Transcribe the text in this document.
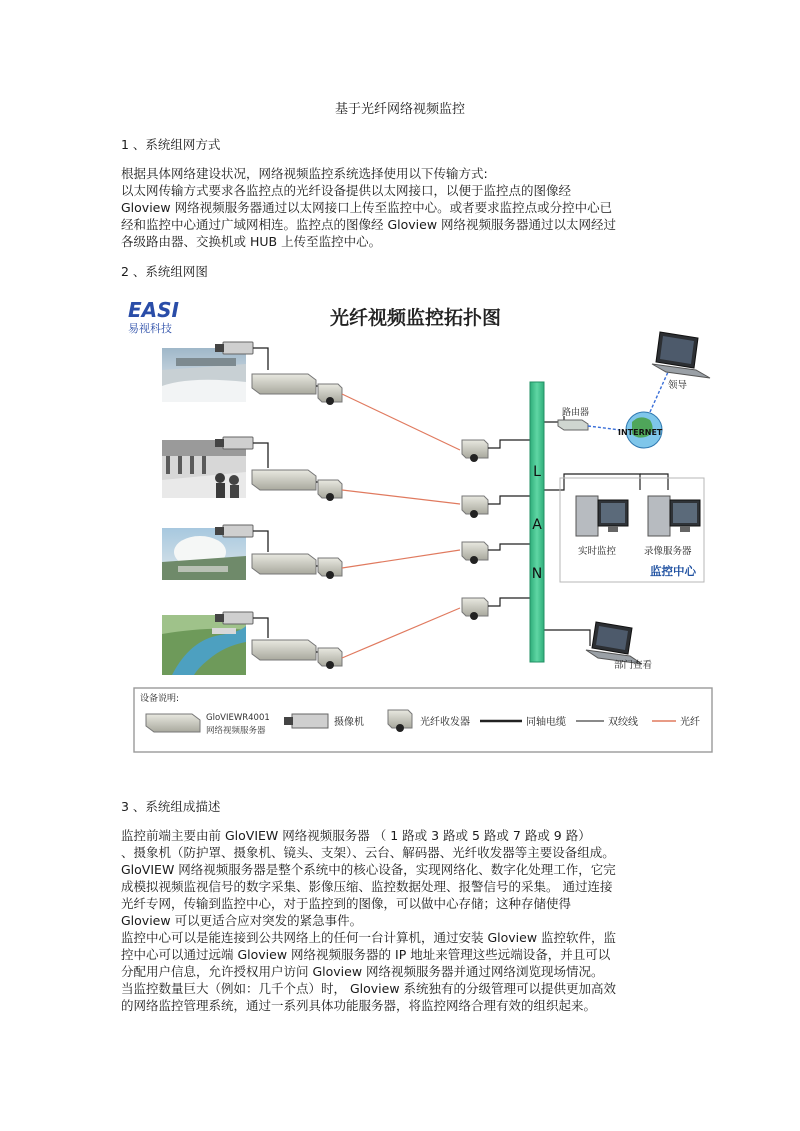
基于光纤网络视频监控
1 、系统组网方式

根据具体网络建设状况，网络视频监控系统选择使用以下传输方式:

以太网传输方式要求各监控点的光纤设备提供以太网接口，以便于监控点的图像经

Gloview 网络视频服务器通过以太网接口上传至监控中心。或者要求监控点或分控中心已

经和监控中心通过广域网相连。监控点的图像经 Gloview 网络视频服务器通过以太网经过

各级路由器、交换机或 HUB 上传至监控中心。

2 、系统组网图
EASI
易视科技	光纤视频监控拓扑图
L
A
N
路由器
INTERNET
领导
实时监控	录像服务器
监控中心
部门查看
设备说明:
GloVIEWR4001
网络视频服务器
摄像机	光纤收发器	同轴电缆	双绞线	光纤
3 、系统组成描述

监控前端主要由前 GloVIEW 网络视频服务器 （ 1 路或 3 路或 5 路或 7 路或 9 路）

、摄象机（防护罩、摄象机、镜头、支架）、云台、解码器、光纤收发器等主要设备组成。

GloVIEW 网络视频服务器是整个系统中的核心设备，实现网络化、数字化处理工作，它完

成模拟视频监视信号的数字采集、影像压缩、监控数据处理、报警信号的采集。 通过连接

光纤专网，传输到监控中心，对于监控到的图像，可以做中心存储；这种存储使得

Gloview 可以更适合应对突发的紧急事件。

监控中心可以是能连接到公共网络上的任何一台计算机，通过安装 Gloview 监控软件，监

控中心可以通过远端 Gloview 网络视频服务器的 IP 地址来管理这些远端设备，并且可以

分配用户信息，允许授权用户访问 Gloview 网络视频服务器并通过网络浏览现场情况。

当监控数量巨大（例如：几千个点）时， Gloview 系统独有的分级管理可以提供更加高效

的网络监控管理系统，通过一系列具体功能服务器，将监控网络合理有效的组织起来。
